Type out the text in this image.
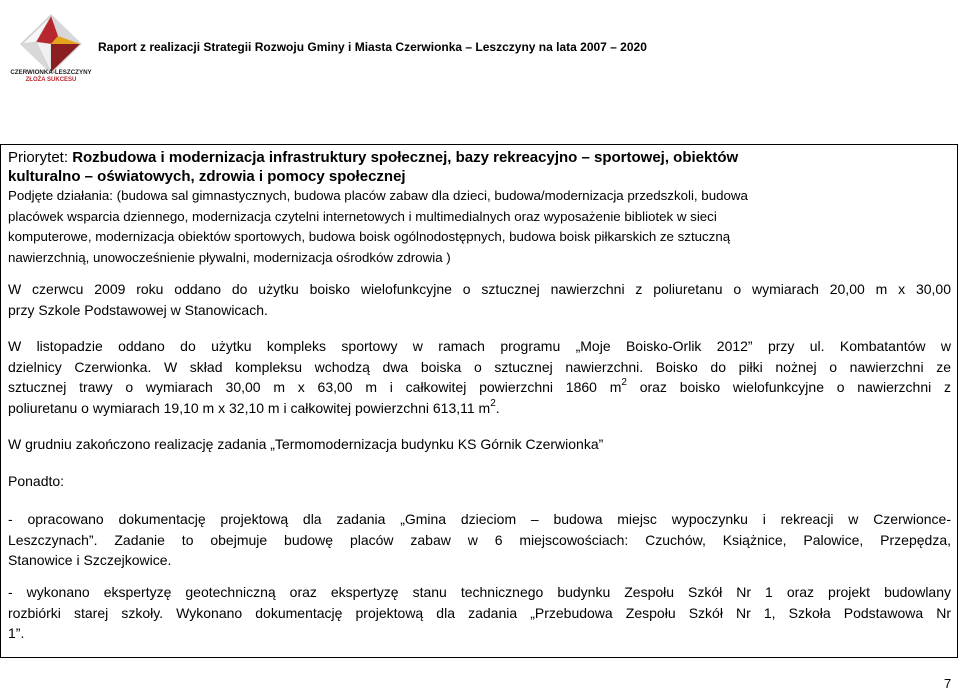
CZERWIONKA-LESZCZYNY
ZŁOŻA SUKCESU
Raport z realizacji Strategii Rozwoju Gminy i Miasta Czerwionka – Leszczyny na lata 2007 – 2020
Priorytet: Rozbudowa i modernizacja infrastruktury społecznej, bazy rekreacyjno – sportowej, obiektów
kulturalno – oświatowych, zdrowia i pomocy społecznej
Podjęte działania: (budowa sal gimnastycznych, budowa placów zabaw dla dzieci, budowa/modernizacja przedszkoli, budowa
placówek wsparcia dziennego, modernizacja czytelni internetowych i multimedialnych oraz wyposażenie bibliotek w sieci
komputerowe, modernizacja obiektów sportowych, budowa boisk ogólnodostępnych, budowa boisk piłkarskich ze sztuczną
nawierzchnią, unowocześnienie pływalni, modernizacja ośrodków zdrowia )
W czerwcu 2009 roku oddano do użytku boisko wielofunkcyjne o sztucznej nawierzchni z poliuretanu o wymiarach 20,00 m x 30,00
przy Szkole Podstawowej w Stanowicach.
W listopadzie oddano do użytku kompleks sportowy w ramach programu „Moje Boisko-Orlik 2012” przy ul. Kombatantów w
dzielnicy Czerwionka. W skład kompleksu wchodzą dwa boiska o sztucznej nawierzchni. Boisko do piłki nożnej o nawierzchni ze
sztucznej trawy o wymiarach 30,00 m x 63,00 m i całkowitej powierzchni 1860 $m^2$ oraz boisko wielofunkcyjne o nawierzchni z
poliuretanu o wymiarach 19,10 m x 32,10 m i całkowitej powierzchni 613,11 $m^2$.
W grudniu zakończono realizację zadania „Termomodernizacja budynku KS Górnik Czerwionka”
Ponadto:
- opracowano dokumentację projektową dla zadania „Gmina dzieciom – budowa miejsc wypoczynku i rekreacji w Czerwionce-
Leszczynach”. Zadanie to obejmuje budowę placów zabaw w 6 miejscowościach: Czuchów, Książnice, Palowice, Przepędza,
Stanowice i Szczejkowice.
- wykonano ekspertyzę geotechniczną oraz ekspertyzę stanu technicznego budynku Zespołu Szkół Nr 1 oraz projekt budowlany
rozbiórki starej szkoły. Wykonano dokumentację projektową dla zadania „Przebudowa Zespołu Szkół Nr 1, Szkoła Podstawowa Nr
1”.
7
